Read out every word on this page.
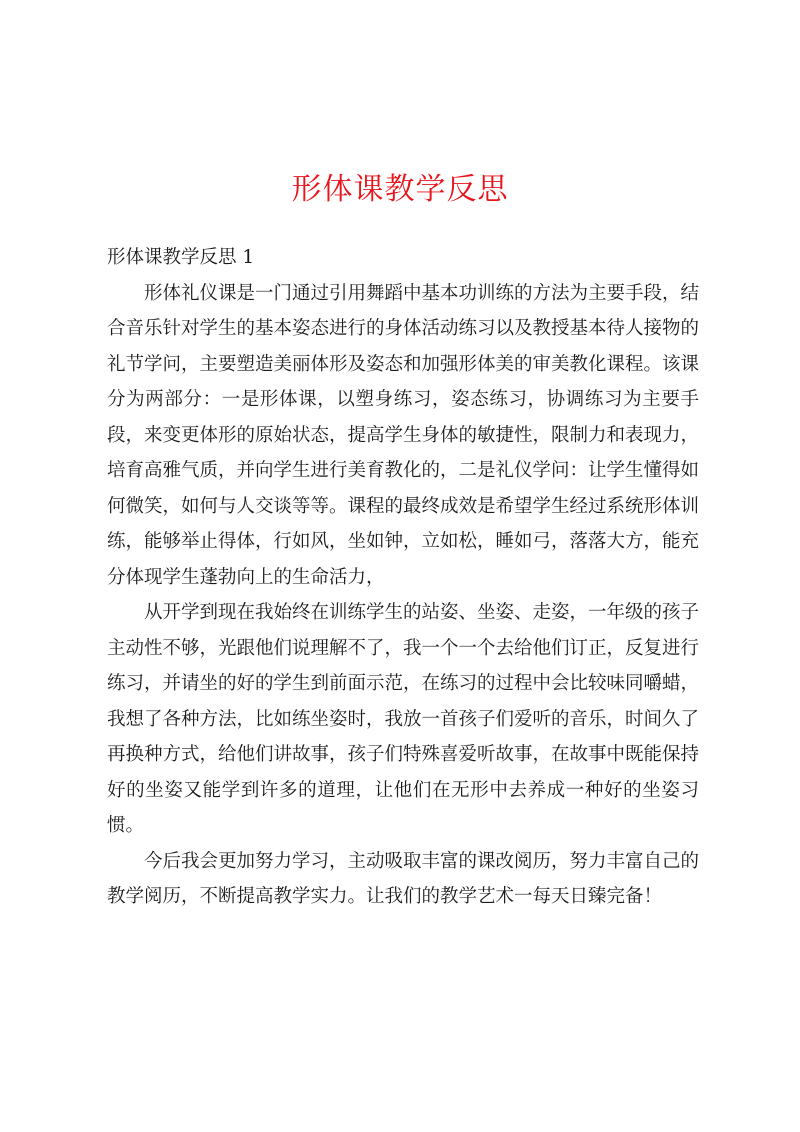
形体课教学反思

形体课教学反思 1

形体礼仪课是一门通过引用舞蹈中基本功训练的方法为主要手段，结合音乐针对学生的基本姿态进行的身体活动练习以及教授基本待人接物的礼节学问，主要塑造美丽体形及姿态和加强形体美的审美教化课程。该课分为两部分：一是形体课，以塑身练习，姿态练习，协调练习为主要手段，来变更体形的原始状态，提高学生身体的敏捷性，限制力和表现力，培育高雅气质，并向学生进行美育教化的，二是礼仪学问：让学生懂得如何微笑，如何与人交谈等等。课程的最终成效是希望学生经过系统形体训练，能够举止得体，行如风，坐如钟，立如松，睡如弓，落落大方，能充分体现学生蓬勃向上的生命活力，

从开学到现在我始终在训练学生的站姿、坐姿、走姿，一年级的孩子主动性不够，光跟他们说理解不了，我一个一个去给他们订正，反复进行练习，并请坐的好的学生到前面示范，在练习的过程中会比较味同嚼蜡，我想了各种方法，比如练坐姿时，我放一首孩子们爱听的音乐，时间久了再换种方式，给他们讲故事，孩子们特殊喜爱听故事，在故事中既能保持好的坐姿又能学到许多的道理，让他们在无形中去养成一种好的坐姿习惯。

今后我会更加努力学习，主动吸取丰富的课改阅历，努力丰富自己的教学阅历，不断提高教学实力。让我们的教学艺术一每天日臻完备！
